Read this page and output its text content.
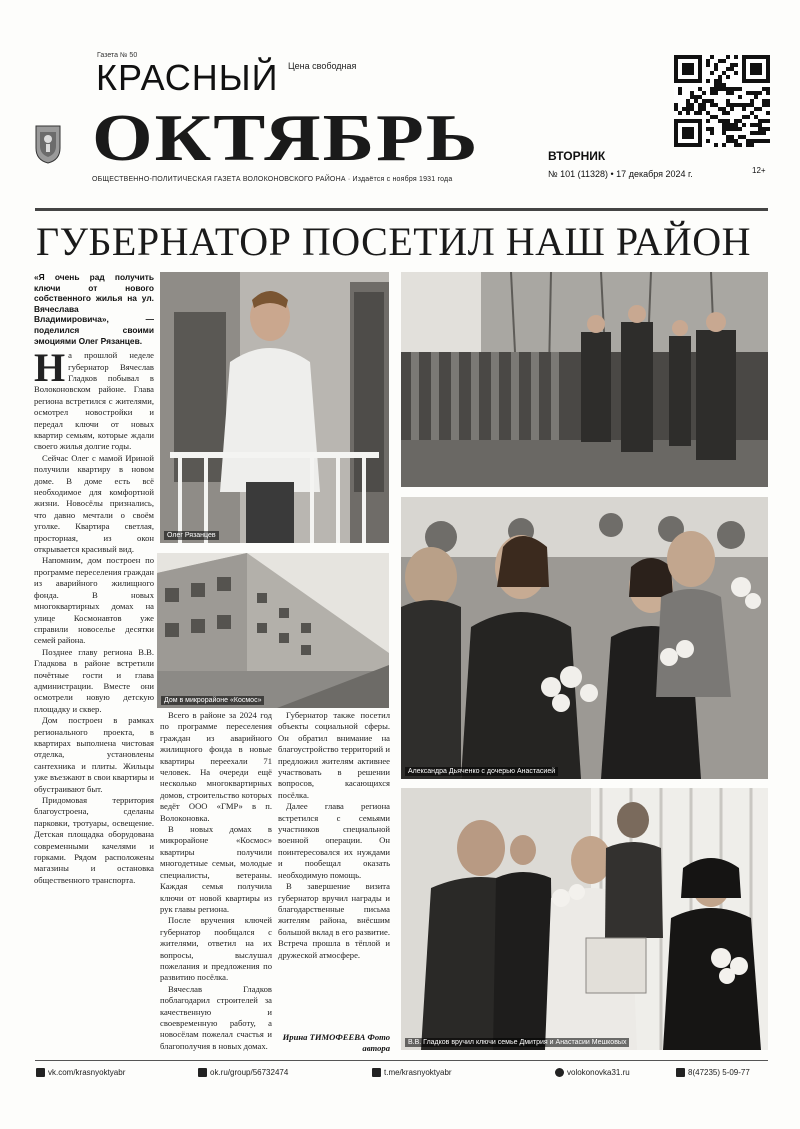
Газета № 50
КРАСНЫЙ
ОКТЯБРЬ
Цена свободная
ОБЩЕСТВЕННО-ПОЛИТИЧЕСКАЯ ГАЗЕТА ВОЛОКОНОВСКОГО РАЙОНА · Издаётся с ноября 1931 года
ВТОРНИК
12+
№ 101 (11328) • 17 декабря 2024 г.
ГУБЕРНАТОР ПОСЕТИЛ НАШ РАЙОН
«Я очень рад получить ключи от нового собственного жилья на ул. Вячеслава Владимировича», — поделился своими эмоциями Олег Рязанцев.
Н а прошлой неделе губернатор Вячеслав Гладков побывал в Волоконовском районе. Глава региона встретился с жителями, осмотрел новостройки и передал ключи от новых квартир семьям, которые ждали своего жилья долгие годы.

Сейчас Олег с мамой Ириной получили квартиру в новом доме. В доме есть всё необходимое для комфортной жизни. Новосёлы признались, что давно мечтали о своём уголке. Квартира светлая, просторная, из окон открывается красивый вид.

Напомним, дом построен по программе переселения граждан из аварийного жилищного фонда. В новых многоквартирных домах на улице Космонавтов уже справили новоселье десятки семей района.

Позднее главу региона В.В. Гладкова в районе встретили почётные гости и глава администрации. Вместе они осмотрели новую детскую площадку и сквер.

Дом построен в рамках регионального проекта, в квартирах выполнена чистовая отделка, установлены сантехника и плиты. Жильцы уже въезжают в свои квартиры и обустраивают быт.

Придомовая территория благоустроена, сделаны парковки, тротуары, освещение. Детская площадка оборудована современными качелями и горками. Рядом расположены магазины и остановка общественного транспорта.

Всего в районе за 2024 год по программе переселения граждан из аварийного жилищного фонда в новые квартиры переехали 71 человек. На очереди ещё несколько многоквартирных домов, строительство которых ведёт ООО «ГМР» в п. Волоконовка.

В новых домах в микрорайоне «Космос» квартиры получили многодетные семьи, молодые специалисты, ветераны. Каждая семья получила ключи от новой квартиры из рук главы региона.

После вручения ключей губернатор пообщался с жителями, ответил на их вопросы, выслушал пожелания и предложения по развитию посёлка.

Вячеслав Гладков поблагодарил строителей за качественную и своевременную работу, а новосёлам пожелал счастья и благополучия в новых домах.

Губернатор также посетил объекты социальной сферы. Он обратил внимание на благоустройство территорий и предложил жителям активнее участвовать в решении вопросов, касающихся посёлка.

Далее глава региона встретился с семьями участников специальной военной операции. Он поинтересовался их нуждами и пообещал оказать необходимую помощь.

В завершение визита губернатор вручил награды и благодарственные письма жителям района, внёсшим большой вклад в его развитие. Встреча прошла в тёплой и дружеской атмосфере.

Ирина ТИМОФЕЕВА Фото автора
Олег Рязанцев
Дом в микрорайоне «Космос»
Александра Дьяченко с дочерью Анастасией
В.В. Гладков вручил ключи семье Дмитрия и Анастасии Мешковых
vk.com/krasnyoktyabr	ok.ru/group/56732474	t.me/krasnyoktyabr	volokonovka31.ru	8(47235) 5-09-77
